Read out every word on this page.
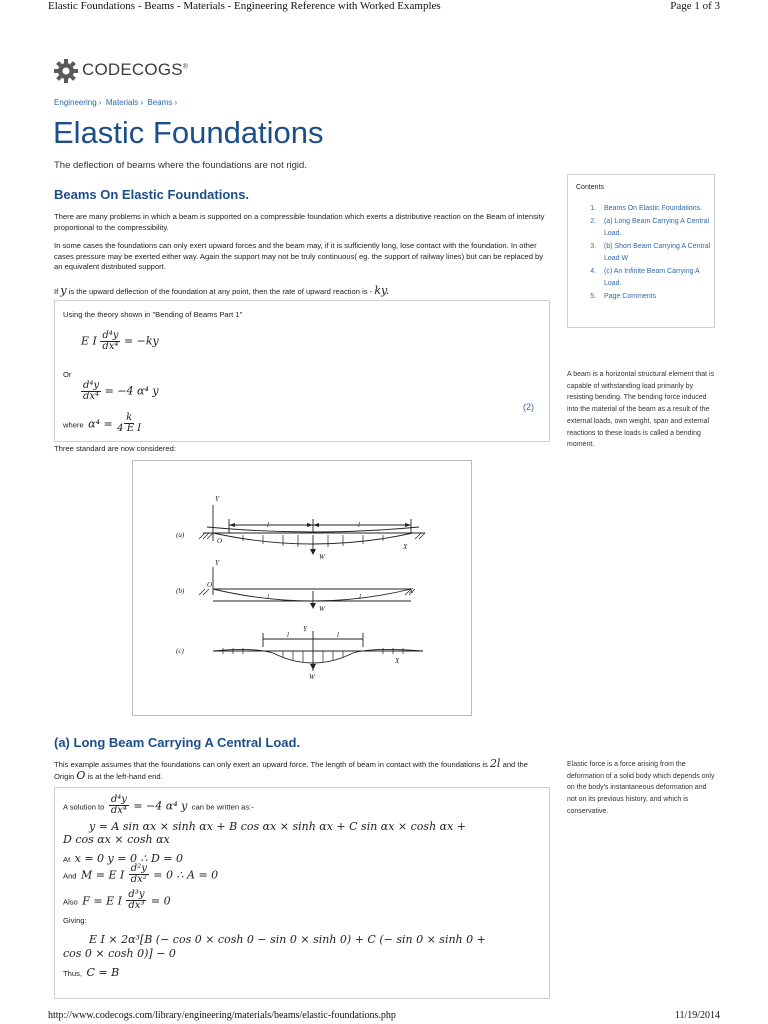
Elastic Foundations - Beams - Materials - Engineering Reference with Worked Examples	Page 1 of 3
CODECOGS®
Engineering › Materials › Beams ›
Elastic Foundations
The deflection of beams where the foundations are not rigid.
Beams On Elastic Foundations.
There are many problems in which a beam is supported on a compressible foundation which exerts a distributive reaction on the Beam of intensity proportional to the compressibility.
In some cases the foundations can only exert upward forces and the beam may, if it is sufficiently long, lose contact with the foundation. In other cases pressure may be exerted either way. Again the support may not be truly continuous( eg. the support of railway lines) but can be replaced by an equivalent distributed support.
If y is the upward deflection of the foundation at any point, then the rate of upward reaction is - ky.
Using the theory shown in "Bending of Beams Part 1"
E I $\frac{\text{d⁴y}}{\text{dx⁴}} = -ky$
Or
$\frac{\text{d⁴y}}{\text{dx⁴}} = -4$ α⁴ y
(2)
where $\alpha^4 = \frac{k}{\text{4 E I}}$
Three standard are now considered:
Y
(a)
O
X
W
l	l
Y
O
(b)	X
W
l	l
Y
(c)
X
W
l	l
(a) Long Beam Carrying A Central Load.
This example assumes that the foundations can only exert an upward force. The length of beam in contact with the foundations is 2l and the Origin O is at the left-hand end.
A solution to $\frac{\text{d⁴y}}{\text{dx⁴}} = -4$ α⁴ y can be written as:-
y = A sin αx × sinh αx + B cos αx × sinh αx + C sin αx × cosh αx +
D cos αx × cosh αx
At x = 0 y = 0 ∴ D = 0
And M = E I $\frac{\text{d²y}}{\text{dx²}} = 0$ ∴ A = 0
Also F = E I $\frac{\text{d³y}}{\text{dx³}} = 0$
Giving:
E I × 2α³[B (− cos 0 × cosh 0 − sin 0 × sinh 0) + C (− sin 0 × sinh 0 +
cos 0 × cosh 0)] − 0
Thus, C = B
Contents
1. Beams On Elastic Foundations.
2. (a) Long Beam Carrying A Central Load.
3. (b) Short Beam Carrying A Central Load W
4. (c) An Infinite Beam Carrying A Load.
5. Page Comments
A beam is a horizontal structural element that is capable of withstanding load primarily by resisting bending. The bending force induced into the material of the beam as a result of the external loads, own weight, span and external reactions to these loads is called a bending moment.
Elastic force is a force arising from the deformation of a solid body which depends only on the body's instantaneous deformation and not on its previous history, and which is conservative.
http://www.codecogs.com/library/engineering/materials/beams/elastic-foundations.php	11/19/2014
